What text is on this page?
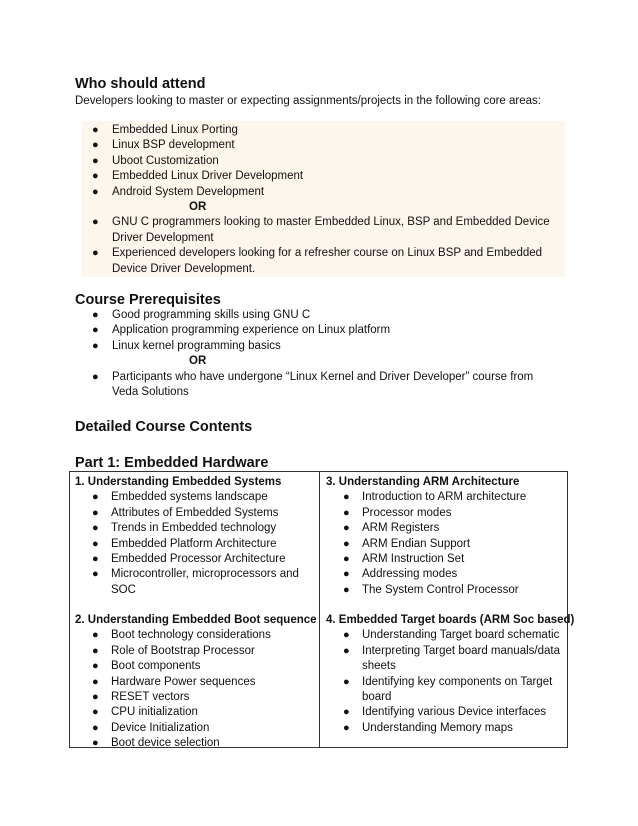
Who should attend
Developers looking to master or expecting assignments/projects in the following core areas:
● Embedded Linux Porting
● Linux BSP development
● Uboot Customization
● Embedded Linux Driver Development
● Android System Development
OR
● GNU C programmers looking to master Embedded Linux, BSP and Embedded Device Driver Development
● Experienced developers looking for a refresher course on Linux BSP and Embedded Device Driver Development.
Course Prerequisites
● Good programming skills using GNU C
● Application programming experience on Linux platform
● Linux kernel programming basics
OR
● Participants who have undergone “Linux Kernel and Driver Developer” course from Veda Solutions
Detailed Course Contents
Part 1: Embedded Hardware
1. Understanding Embedded Systems
● Embedded systems landscape
● Attributes of Embedded Systems
● Trends in Embedded technology
● Embedded Platform Architecture
● Embedded Processor Architecture
● Microcontroller, microprocessors and SOC
2. Understanding Embedded Boot sequence
● Boot technology considerations
● Role of Bootstrap Processor
● Boot components
● Hardware Power sequences
● RESET vectors
● CPU initialization
● Device Initialization
● Boot device selection
3. Understanding ARM Architecture
● Introduction to ARM architecture
● Processor modes
● ARM Registers
● ARM Endian Support
● ARM Instruction Set
● Addressing modes
● The System Control Processor
4. Embedded Target boards (ARM Soc based)
● Understanding Target board schematic
● Interpreting Target board manuals/data sheets
● Identifying key components on Target board
● Identifying various Device interfaces
● Understanding Memory maps
